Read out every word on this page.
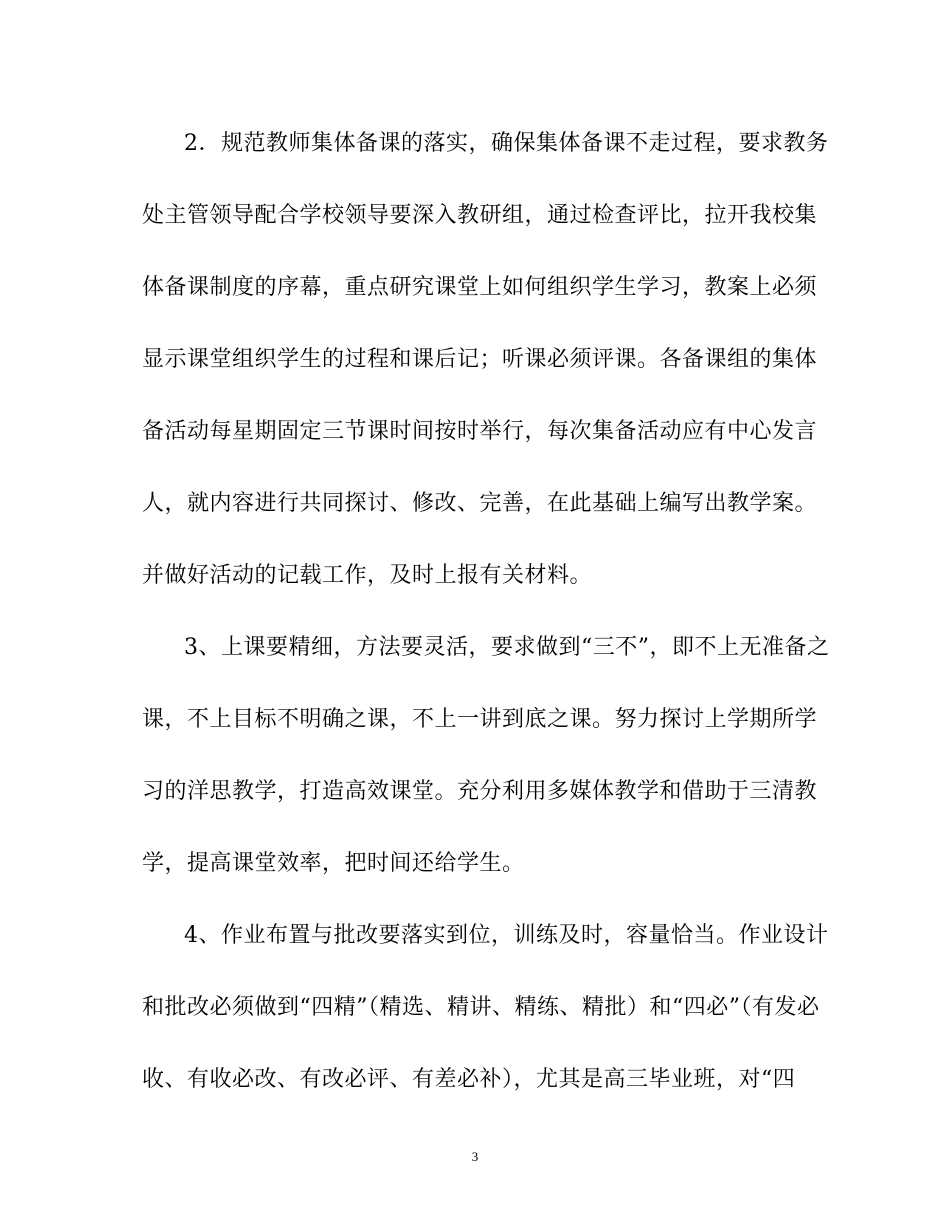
2．规范教师集体备课的落实，确保集体备课不走过程，要求教务
处主管领导配合学校领导要深入教研组，通过检查评比，拉开我校集
体备课制度的序幕，重点研究课堂上如何组织学生学习，教案上必须
显示课堂组织学生的过程和课后记；听课必须评课。各备课组的集体
备活动每星期固定三节课时间按时举行，每次集备活动应有中心发言
人，就内容进行共同探讨、修改、完善，在此基础上编写出教学案。
并做好活动的记载工作，及时上报有关材料。
3、上课要精细，方法要灵活，要求做到“三不”，即不上无准备之
课，不上目标不明确之课，不上一讲到底之课。努力探讨上学期所学
习的洋思教学，打造高效课堂。充分利用多媒体教学和借助于三清教
学，提高课堂效率，把时间还给学生。
4、作业布置与批改要落实到位，训练及时，容量恰当。作业设计
和批改必须做到“四精”（精选、精讲、精练、精批）和“四必”（有发必
收、有收必改、有改必评、有差必补），尤其是高三毕业班，对“四
3
